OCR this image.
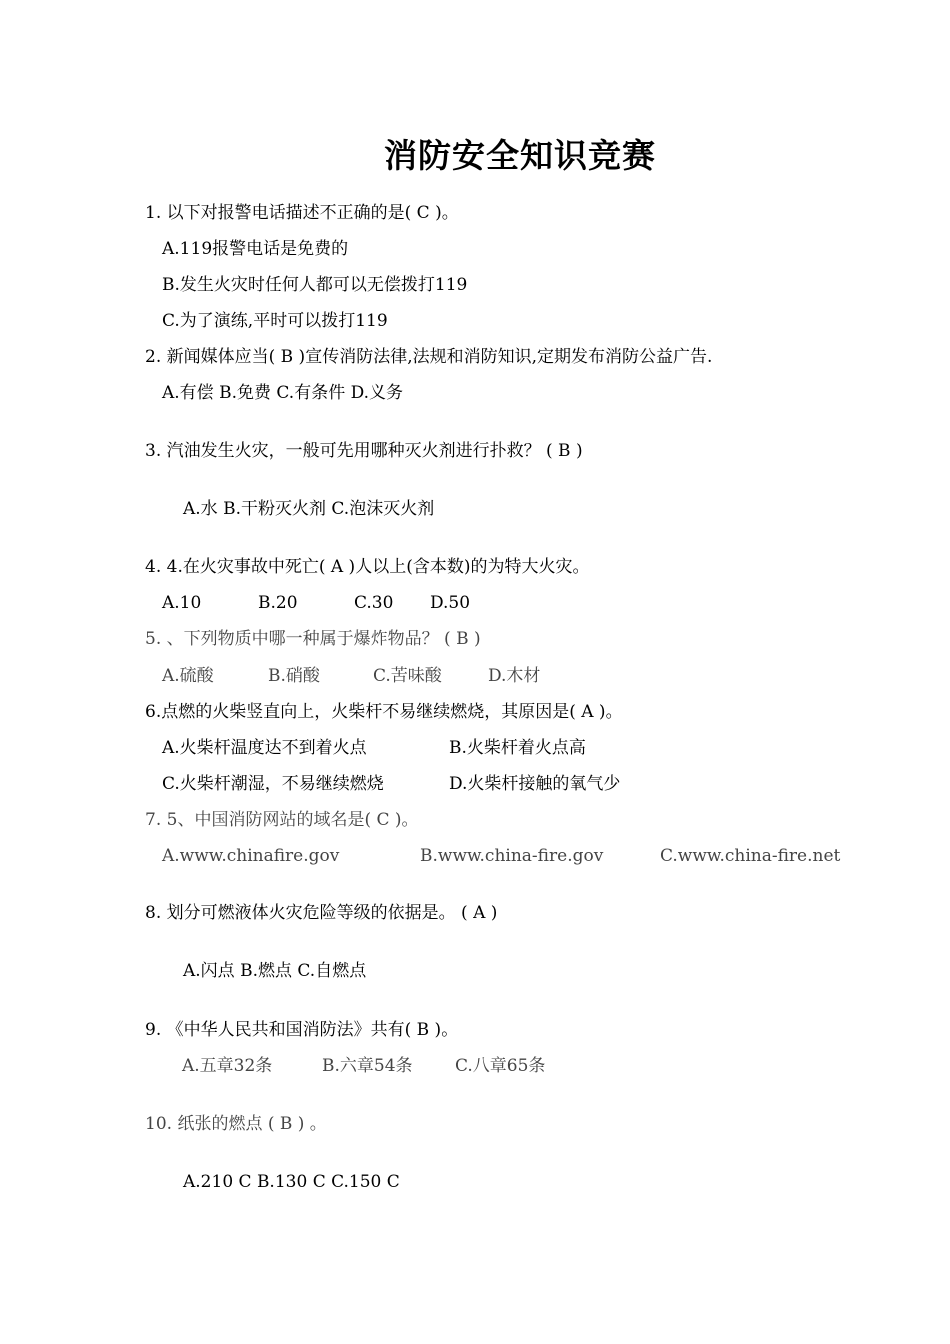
消防安全知识竞赛
1. 以下对报警电话描述不正确的是( C )。
A.119报警电话是免费的
B.发生火灾时任何人都可以无偿拨打119
C.为了演练,平时可以拨打119
2. 新闻媒体应当( B )宣传消防法律,法规和消防知识,定期发布消防公益广告.
A.有偿 B.免费 C.有条件 D.义务
3. 汽油发生火灾，一般可先用哪种灭火剂进行扑救？ ( B )
A.水 B.干粉灭火剂 C.泡沫灭火剂
4. 4.在火灾事故中死亡( A )人以上(含本数)的为特大火灾。
A.10	B.20	C.30 D.50
5. 、下列物质中哪一种属于爆炸物品？ ( B )
A.硫酸	B.硝酸	C.苦味酸	D.木材
6.点燃的火柴竖直向上，火柴杆不易继续燃烧，其原因是( A )。
A.火柴杆温度达不到着火点	B.火柴杆着火点高
C.火柴杆潮湿，不易继续燃烧	D.火柴杆接触的氧气少
7. 5、中国消防网站的域名是( C )。
A.www.chinafire.gov	B.www.china-fire.gov	C.www.china-fire.net
8. 划分可燃液体火灾危险等级的依据是。 ( A )
A.闪点 B.燃点 C.自燃点
9. 《中华人民共和国消防法》共有( B )。
A.五章32条	B.六章54条 C.八章65条
10. 纸张的燃点 ( B ) 。
A.210 C B.130 C C.150 C
